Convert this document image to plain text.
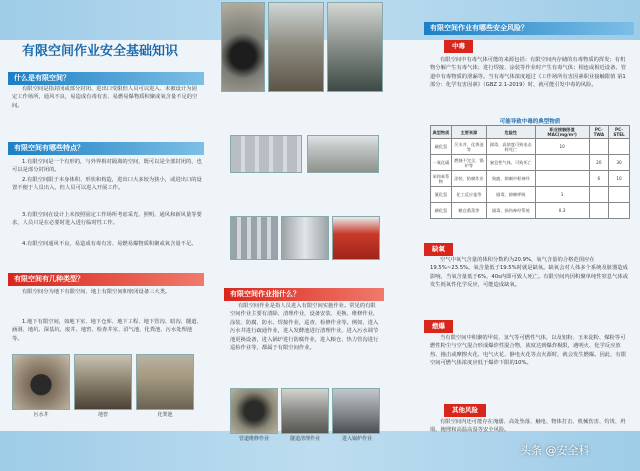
有限空间作业安全基础知识
什么是有限空间？
有限空间是指封闭或部分封闭、进出口受限但人员可以进入、未被设计为固定工作场所，通风不良，易造成有毒有害、易燃易爆物质积聚或氧含量不足的空间。
有限空间有哪些特点？
1.有限空间是一个有形的，与外界相对隔离的空间，既可以是全部封闭的，也可以是部分封闭的。
2.有限空间限于本身体积、形状和构造，进出口大多较为狭小，或进出口的设置不便于人员出入，但人员可以进入开展工作。
3.有限空间在设计上未按照固定工作场所考虑采光、照明、通风和新风量等要求，人员只是在必要时进入进行临时性工作。
4.有限空间通风不良，易造成有毒有害、易燃易爆物质积聚或氧含量不足。
有限空间有几种类型？
有限空间分为地下有限空间、地上有限空间和密闭设备三大类。
1.地下有限空间，如地下室、地下仓库、地下工程、地下管沟、暗沟、隧道、涵洞、地坑、深基坑、废井、地窖、检查井室、沼气池、化粪池、污水处理池等。
污水井	地窖	化粪池
有限空间作业指什么？
有限空间作业是指人员进入有限空间实施作业。常见的有限空间作业主要有清除、清理作业，设备安装、更换、维修作业，涂装、防腐、防水、焊接作业，巡查、检修作业等。例如，进入污水井进行疏通作业，进入发酵池进行清理作业，进入污水调节池更换设备，进入锅炉进行防腐作业，进入粮仓、热力管沟进行巡检作业等，都属于有限空间作业。
管道维修作业	隧道清理作业	进入锅炉作业
有限空间作业有哪些安全风险？
中毒
有限空间中有毒气体可能的来源包括：有限空间内存储的有毒物质的挥发；有机物分解产生有毒气体；进行焊接、涂装等作业时产生有毒气体；相连或相近设备、管道中有毒物质的泄漏等。当有毒气体浓度超过《工作场所有害因素职业接触限值 第1部分：化学有害因素》（GBZ 2.1-2019）时，就可能引发中毒的风险。
可能导致中毒的典型物质
典型物质	主要来源	危险性	职业接触限值 MAC(mg/m³)	PC-TWA	PC-STEL
硫化氢	污水井、化粪池等	剧毒，高浓度可致电击样死亡	10		
一氧化碳	燃烧不完全、锅炉等	窒息性气体，可致死亡		20	30
苯和苯系物	涂装、防腐作业	致癌，抑制中枢神经		6	10
氰化氢	化工反应釜等	剧毒，抑制呼吸	1		
磷化氢	粮仓熏蒸等	剧毒，损伤神经系统	0.3		
缺氧
空气中氧气含量的体积分数约为20.9%，氧气含量的合格范围应在19.5%~23.5%。氧含量低于19.5%时就是缺氧。缺氧会对人体多个系统及脏器造成影响，当氧含量低于6%，40s内即可致人死亡。有限空间内因积聚单纯性窒息气体或发生耗氧性化学反应，可能造成缺氧。
燃爆
当有限空间中积聚的甲烷、氢气等可燃性气体，以及铝粉、玉米淀粉、煤粉等可燃性粉尘与空气混合形成爆炸性混合物，浓度达到爆炸极限，遇明火、化学反应放热、撞击或摩擦火花、电气火花、静电火花等点火源时，就会发生燃爆。因此，有限空间可燃气体浓度应低于爆炸下限的10%。
其他风险
有限空间内还可能存在淹溺、高处坠落、触电、物体打击、机械伤害、灼烫、坍塌、掩埋和高温高湿等安全风险。
头条 @安全科
